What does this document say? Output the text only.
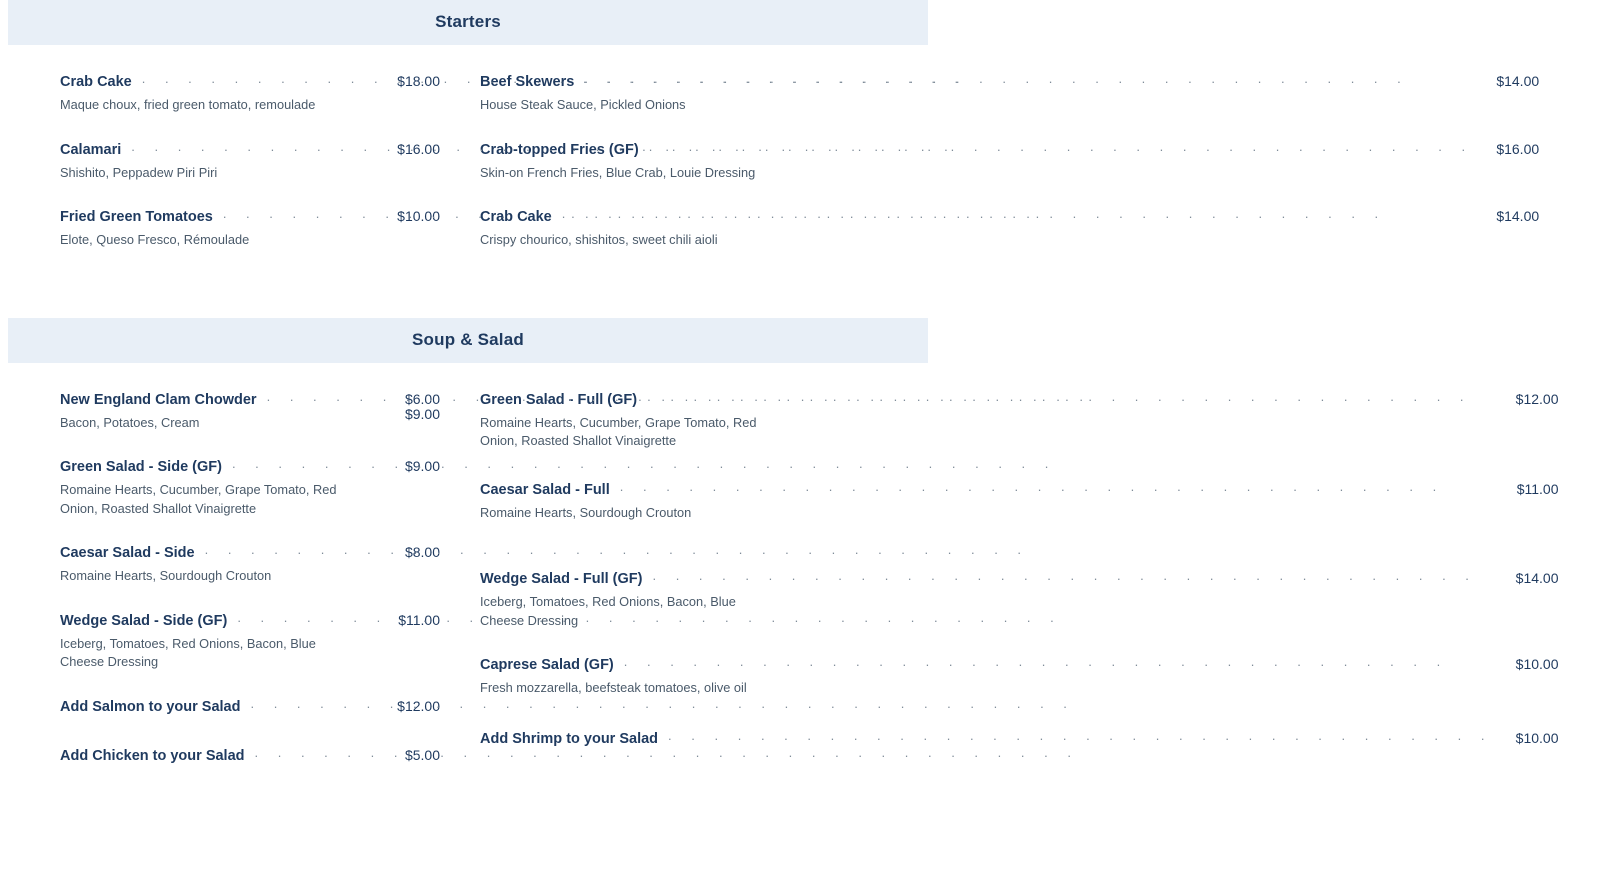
Starters
Crab Cake . . .	$18.00
Maque choux, fried green tomato, remoulade
Calamari . . .	$16.00
Shishito, Peppadew Piri Piri
Fried Green Tomatoes . . .	$10.00
Elote, Queso Fresco, Rémoulade
Beef Skewers . . .	$14.00
House Steak Sauce, Pickled Onions
Crab-topped Fries (GF) . . .	$16.00
Skin-on French Fries, Blue Crab, Louie Dressing
Crab Cake . . .	$14.00
Crispy chourico, shishitos, sweet chili aioli
Soup & Salad
New England Clam Chowder . . .	$6.00
Bacon, Potatoes, Cream
$9.00
Green Salad - Side (GF) . . .	$9.00
Romaine Hearts, Cucumber, Grape Tomato, Red Onion, Roasted Shallot Vinaigrette
Caesar Salad - Side . . .	$8.00
Romaine Hearts, Sourdough Crouton
Wedge Salad - Side (GF) . . .	$11.00
Iceberg, Tomatoes, Red Onions, Bacon, Blue Cheese Dressing
Add Salmon to your Salad . . .	$12.00
Add Chicken to your Salad . . .	$5.00
Green Salad - Full (GF) . . .	$12.00
Romaine Hearts, Cucumber, Grape Tomato, Red Onion, Roasted Shallot Vinaigrette
Caesar Salad - Full . . .	$11.00
Romaine Hearts, Sourdough Crouton
Wedge Salad - Full (GF) . . .	$14.00
Iceberg, Tomatoes, Red Onions, Bacon, Blue Cheese Dressing
Caprese Salad (GF) . . .	$10.00
Fresh mozzarella, beefsteak tomatoes, olive oil
Add Shrimp to your Salad . . .	$10.00
